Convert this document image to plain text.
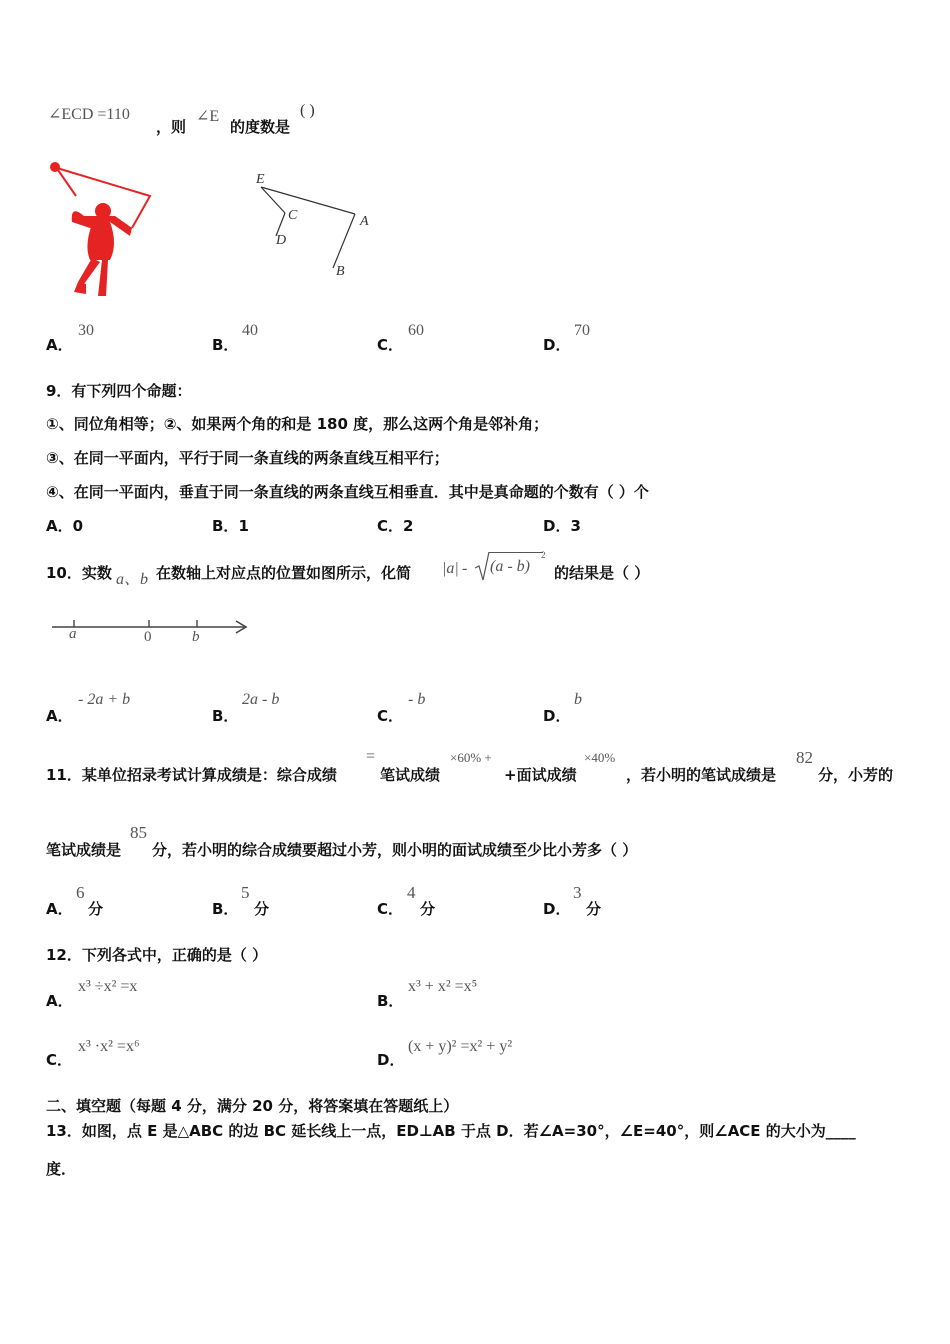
∠ECD =110
，则
∠E
的度数是
( )
E
C
D
A
B
A．
30
B．
40
C．
60
D．
70
9．有下列四个命题：
①、同位角相等；②、如果两个角的和是 180 度，那么这两个角是邻补角；
③、在同一平面内，平行于同一条直线的两条直线互相平行；
④、在同一平面内，垂直于同一条直线的两条直线互相垂直．其中是真命题的个数有（ ）个
A．0	B．1	C．2	D．3
10．实数 a、b 在数轴上对应点的位置如图所示，化简 |a| - (a - b)
2
的结果是（ ）
a	0	b
A．
- 2a + b
B．
2a - b
C．
- b
D．
b
11．某单位招录考试计算成绩是：综合成绩
=
笔试成绩
×60% +
+面试成绩
×40%
，若小明的笔试成绩是
82
分，小芳的
笔试成绩是
85
分，若小明的综合成绩要超过小芳，则小明的面试成绩至少比小芳多（ ）
A．
6
分	B．
5
分	C．
4
分	D．
3
分
12．下列各式中，正确的是（ ）
A．
x³ ÷x² =x
B．
x³ + x² =x⁵
C．
x³ ·x² =x⁶
D．
(x + y)² =x² + y²
二、填空题（每题 4 分，满分 20 分，将答案填在答题纸上）
13．如图，点 E 是△ABC 的边 BC 延长线上一点，ED⊥AB 于点 D．若∠A=30°，∠E=40°，则∠ACE 的大小为____
度．
